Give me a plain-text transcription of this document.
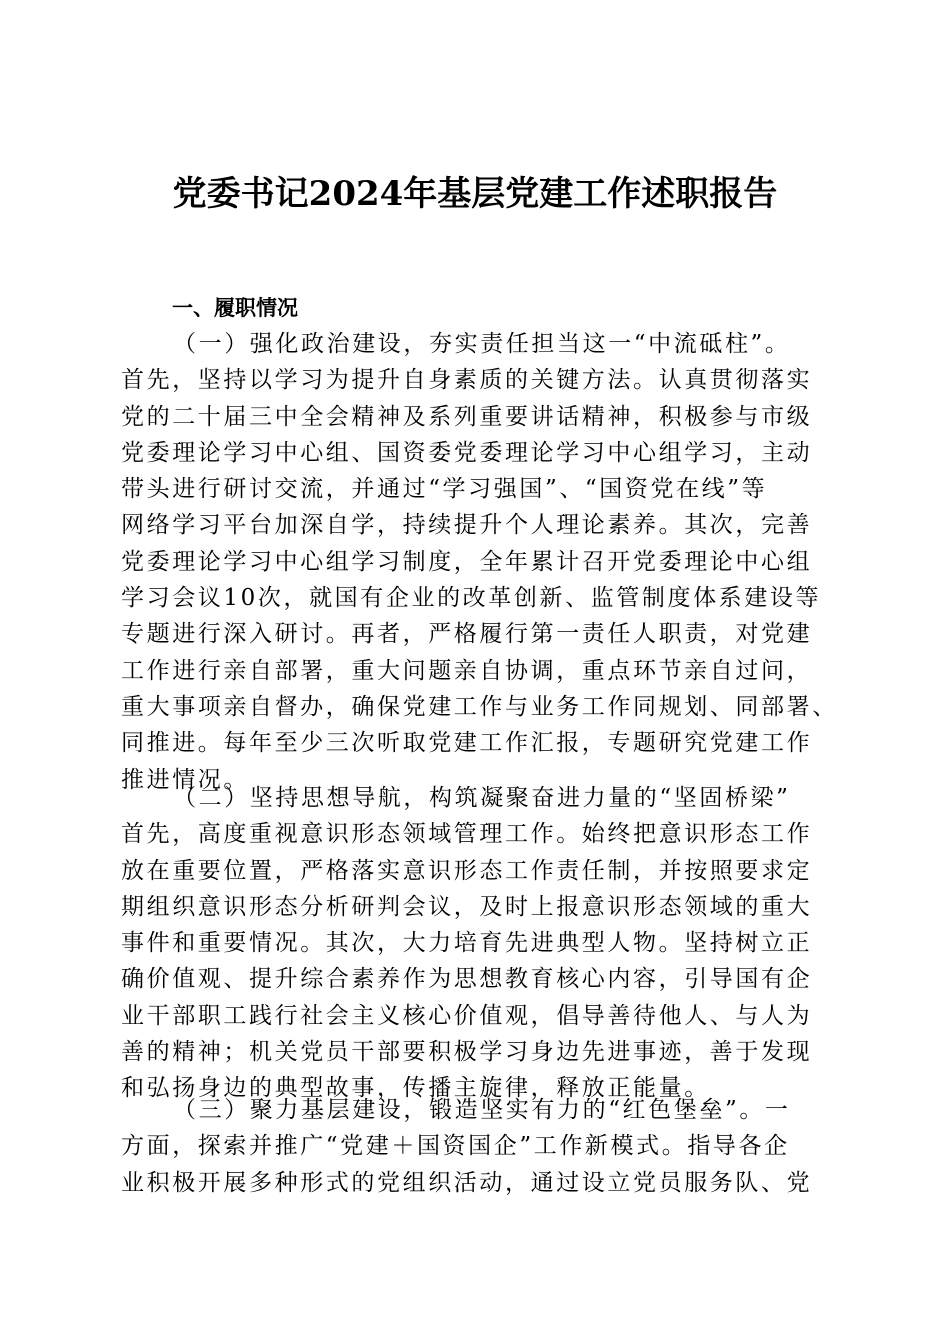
党委书记2024年基层党建工作述职报告
一、履职情况
（一）强化政治建设，夯实责任担当这一“中流砥柱”。
首先，坚持以学习为提升自身素质的关键方法。认真贯彻落实
党的二十届三中全会精神及系列重要讲话精神，积极参与市级
党委理论学习中心组、国资委党委理论学习中心组学习，主动
带头进行研讨交流，并通过“学习强国”、“国资党在线”等
网络学习平台加深自学，持续提升个人理论素养。其次，完善
党委理论学习中心组学习制度，全年累计召开党委理论中心组
学习会议10次，就国有企业的改革创新、监管制度体系建设等
专题进行深入研讨。再者，严格履行第一责任人职责，对党建
工作进行亲自部署，重大问题亲自协调，重点环节亲自过问，
重大事项亲自督办，确保党建工作与业务工作同规划、同部署、
同推进。每年至少三次听取党建工作汇报，专题研究党建工作
推进情况。
（二）坚持思想导航，构筑凝聚奋进力量的“坚固桥梁”
首先，高度重视意识形态领域管理工作。始终把意识形态工作
放在重要位置，严格落实意识形态工作责任制，并按照要求定
期组织意识形态分析研判会议，及时上报意识形态领域的重大
事件和重要情况。其次，大力培育先进典型人物。坚持树立正
确价值观、提升综合素养作为思想教育核心内容，引导国有企
业干部职工践行社会主义核心价值观，倡导善待他人、与人为
善的精神；机关党员干部要积极学习身边先进事迹，善于发现
和弘扬身边的典型故事，传播主旋律，释放正能量。
（三）聚力基层建设，锻造坚实有力的“红色堡垒”。一
方面，探索并推广“党建＋国资国企”工作新模式。指导各企
业积极开展多种形式的党组织活动，通过设立党员服务队、党
